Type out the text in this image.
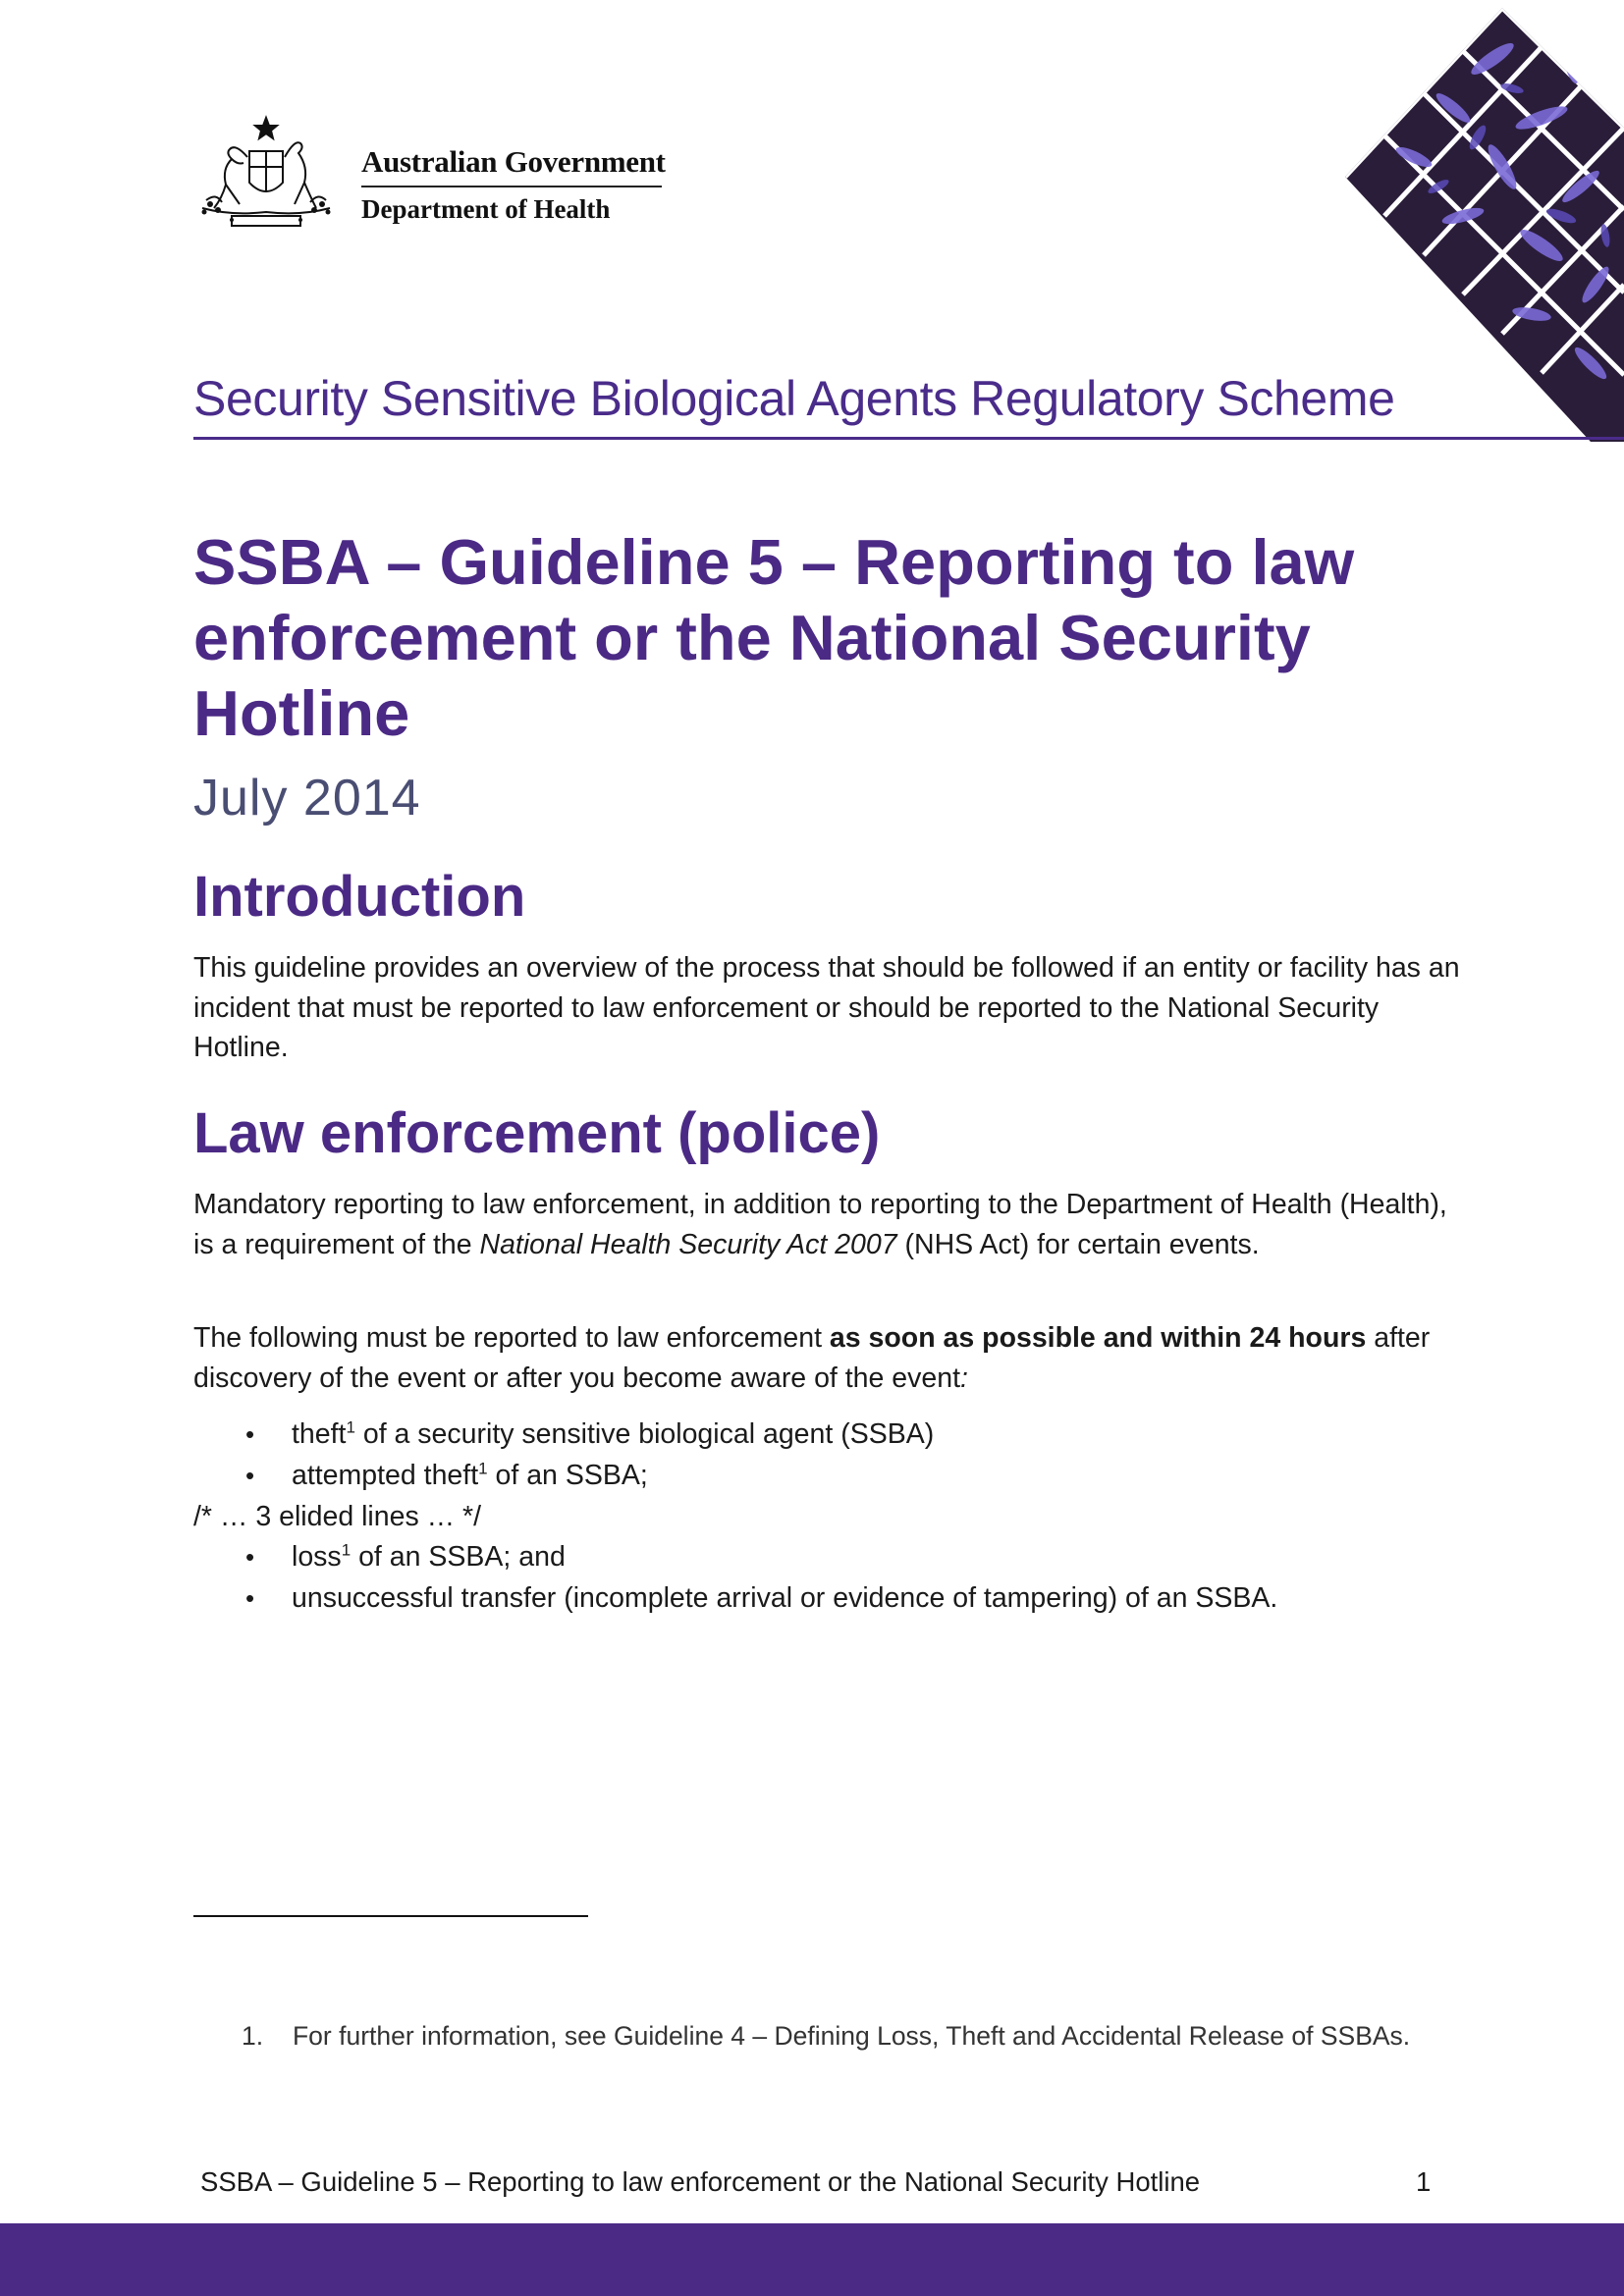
Australian Government
Department of Health
Security Sensitive Biological Agents Regulatory Scheme
SSBA – Guideline 5 – Reporting to law enforcement or the National Security Hotline
July 2014
Introduction

This guideline provides an overview of the process that should be followed if an entity or facility has an incident that must be reported to law enforcement or should be reported to the National Security Hotline.

Law enforcement (police)

Mandatory reporting to law enforcement, in addition to reporting to the Department of Health (Health), is a requirement of the National Health Security Act 2007 (NHS Act) for certain events.

The following must be reported to law enforcement as soon as possible and within 24 hours after discovery of the event or after you become aware of the event:

• theft$^1$ of a security sensitive biological agent (SSBA)
• attempted theft$^1$ of an SSBA;
/* … 3 elided lines … */
• loss$^1$ of an SSBA; and
• unsuccessful transfer (incomplete arrival or evidence of tampering) of an SSBA.

1.	For further information, see Guideline 4 – Defining Loss, Theft and Accidental Release of SSBAs.

SSBA – Guideline 5 – Reporting to law enforcement or the National Security Hotline	1
